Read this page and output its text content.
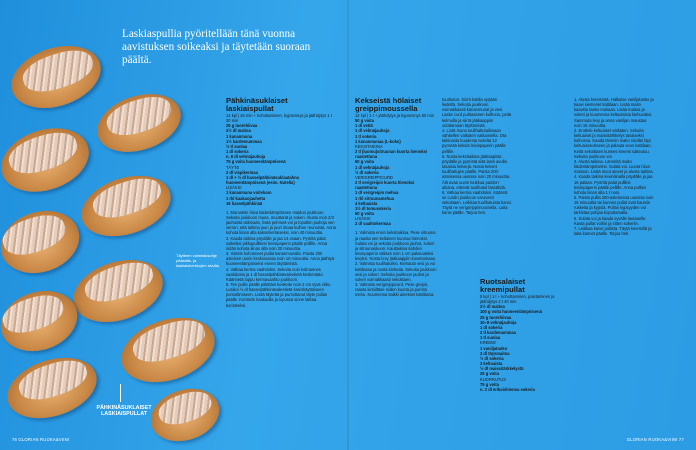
Laskiaspullia pyöritellään tänä vuonna aavistuksen soikeaksi ja täytetään suoraan päältä.

Täytteen valmistusohje pääsiäis- ja laskiaisherkkujen sivulla.

PÄHKINÄSUKLAISET LASKIAISPULLAT

76 GLORIAN RUOKA&VIINI	GLORIAN RUOKA&VIINI 77
Pähkinäsuklaiset laskiaispullat

14 kpl | 45 min + kohottaminen, kypsennys ja jäähdytys 1 t 30 min

25 g tuorehiivaa

2½ dl maitoa

1 kananmuna

1½ kardemummaa

½ tl suolaa

1 dl sokeria

n. 8 dl vehnäjauhoja

75 g voita huoneenlämpöisenä

TÄYTE

2 dl vispikermaa

1 dl + ½ dl hasselpähkinäsuklaatahna

huoneenlämpöisenä (esim. Nutella)

LISÄKSI

1 kananmuna voiteluun

1 rkl kaakaojauhetta

16 hasselpähkinää

1. Murustele hiiva kädenlämpöiseen maidon joukkoon. Sekoita joukkoon muna, muuttarat ja sokeri. Alusta mon 2/3 jauhoista taikinaan, lisää pehmeä voi ja loputkin jauhoja sen verran, että taikina juuri ja juuri irtoaa kulhon reunoista. Anna kohota liinan alla kaksinkertaiseksi, noin 40 minuuttia.

2. Kaada taikina pöydälle ja jaa 14 osaan. Pyöritä palat soikeiksi pikkupullikesi leivinpaperin päälle pellille. Anna nidän kohota liinan alla noin 30 minuuttia.

3. Voitele kohonneet pullat kananmunalla. Paista 200 asteisen uunin keskiosassa noin 10 minuuttia. Anna jäähtyä huoneenlämpöiseksi ennen täyttämistä.

4. Vatkaa kerma vaahdoksi. Sekoita noin kolmannes vaahdosta ja 1 dl hasselpähkinävaleetietä keskenään. Käännetä loppu kermavaahto joukkoon.

5. Tee pullin päälle pitkittäin koskeite noin 2 cm syvä viilto. Lusikoi ½ dl hasselpähkinävaleetietä kaniskäyttöiseen pursottimiseen. Lisää täytettä ja pursottanut täyte pullan päälle. Koristele kaakaolla ja lopussa sinne laittaa koristeeksi.

Kekseistä hölaiset greippimoussella

12 kpl | 1 t + jäähdytys ja kypsennys 50 min

50 g voita

1 dl vettä

1 dl vehnäjauhoja

1 tl sokeria

1 kananmunaa (L-koko)

KEKSITAIKINA

2 tl (luomu)sitruunan kuorta hienoksi raastettuna

50 g voita

1 dl vehnäjauhoja

½ dl sokeria

VERIGREIPPICURD

2 tl verigreipin kuorta hienoksi raastettuna

1 dl verigreipin mehua

1 rkl sitruunamehua

4 keltuaista

1½ dl tomusokeria

50 g voita

LISÄKSI

2 dl vaahtokermaa

1. Valmista ensin keksitaikina. Pese sitruuna ja raasta sen keltainen kuorioa hienoksi. Sulata voi ja sekoita joukkoon jauhot, sokeri ja sitruunankuori. Kaultaikina kahden leivinpaperin välissä noin 1 cm paksuuteksi levyksi. Nosta levy jääkaappiin kovettumaan.

2. Valmista tuulihatuiksi. Kiehauta vesi ja voi kattilassa ja nosta kiehutta. Sekoita joukkoon vesi ja sokeri. Sekoita joukkoon jauhot ja sokeri voimakkaasti sekoittaen.

3. Valmista verigreippicurd. Pese greipit, raasta kirniiltäse niiden kuorta ja purista mehu. Kuumenna kaikki ainekset kattilassa.

tourituton. Siirrä kattila syrjään liedeltä. Sekoita joukkoon voimakkaasti kananmunat ja vesi. Laske curd puhtaaseen kulhoon, peitä kelmulla ja siirrä jääkaappiin odottamaan täyttämistä.

4. Liotä muna tuulihattutaikinaan vähitellen vatkaten vatkaimella. Ota taikinasta kuudesta isotelta 12 pyöreää keksiä leivinpaperin päälle pellille.

5. Nosta keksitaikina jääkaapista pöydälle ja pyöristä siitä lasin avulla tasaisia keksejä. Nosta kekset tuulihattujen päälle. Paista 200-asteisessa uunissa noin 20 minuuttia. Älä avaa uunin luukkua paiston aikana, etteivät tuulihatut lässähdä.

6. Vatkaa kerma vaahdoksi. Käännä se curdin joukkoon varovasti sekoittaen. Leikkaa tuulihatuista kansi. Täytä ne verigreippimoussella. Laita kansi päälle. Tarjoa heti.

Ruotsalaiset kreemipullat

5 kpl | 1 t + kohottaminen, paistaminen ja jäähdytys 2 t 40 min

2½ dl maitoa

100 g voita huoneenlämpöisenä

25 g tuorehiivaa

10–8 vehnäjauhoja

1 dl sokeria

2 tl kardemummaa

1 tl suolaa

KREEMI

1 vaniljatanko

3 dl täysmaitoa

½ dl sokeria

3 keltuaista

½ dl maissitärkkelystä

25 g voita

KUORRUTUS

75 g voita

n. 2 dl erikoishienoa sokeria

1. Alusta kreemistä. Halkaise vaniljatanko ja kaavi siemenet kattilaan. Lisää maito kaavittu tanko mukaan. Lisää maitoa ja sokeri ja kuumenna keltuaisista kiehuvaksi. Sammuta levy ja anna vaniljan maustaa noin 15 minuuttia.

2. Erottele keltuaiset vatkaten. Sekoita keltuaiset ja maissitärkkelys tasaiseksi kulhossa. Kaada lämmin maito siivilän läpi keltuaisseokseen ja palauta seos kattilaan. Keitä sekoittaen kunnes kreemi sakeutuu. Sekoita joukkoon voi.

3. Alusta taikina. Lämmitä maito kädenlämpöiseksi. Sulata voi. Liuota hiiva maitoon. Lisää muut aineet ja alusta taikina.

4. Kaada taikina leivinliinalla pöydälle ja jaa 16 palaan. Pyöritä palat pulliksi leivinpaperin päälle pellille. Anna pullien kohota liinan alla 1 t noin.

5. Paista pullia 200-asteisessa uunissa noin 15 minuuttia tai kunnes pullat ovat kauniin ruskeita ja kypsiä. Pullan kypsyyden voi tarkistaa pohjaa koputtamalla.

6. Sulata voi ja kaada syvälle lautaselle. Kasta pullat voihin ja sitten sokeriin.

7. Leikkaa kansi pullista. Täytä kreemillä ja laita kannet päälle. Tarjoa heti.
